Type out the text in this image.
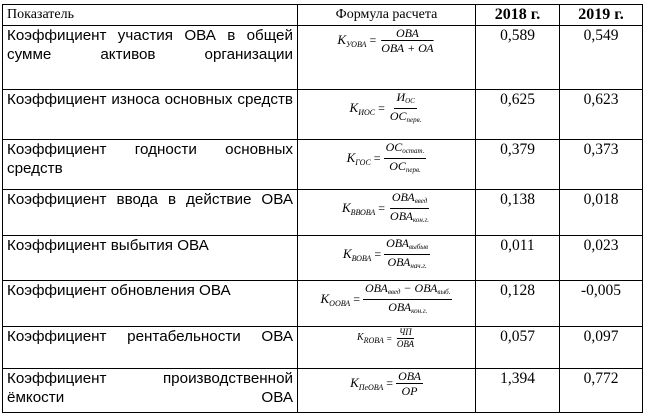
Показатель	Формула расчета	2018 г.	2019 г.
Коэффициент участия ОВА в общей сумме активов организации	$К_{УОВА} = \frac{\text{ОВА}}{\text{ОВА + ОА}}$	0,589	0,549
Коэффициент износа основных средств	$К_{ИОС} = \frac{И_{ОС}}{ОС_{перв.}}$	0,625	0,623
Коэффициент годности основных средств	$К_{ГОС} = \frac{ОС_{остат.}}{ОС_{перв.}}$	0,379	0,373
Коэффициент ввода в действие ОВА	$К_{ВВОВА} = \frac{ОВА_{введ}}{ОВА_{кон.г.}}$	0,138	0,018
Коэффициент выбытия ОВА	$К_{ВОВА} = \frac{ОВА_{выбыв}}{ОВА_{нач.г.}}$	0,011	0,023
Коэффициент обновления ОВА	$К_{ООВА} = \frac{ОВА_{введ} - ОВА_{выб.}}{ОВА_{кон.г.}}$	0,128	-0,005
Коэффициент рентабельности ОВА	$К_{RОВА} = \frac{ЧП}{\text{ОВА}}$	0,057	0,097
Коэффициент производственной ёмкости ОВА	$К_{ПеОВА} = \frac{\text{ОВА}}{ОР}$	1,394	0,772
